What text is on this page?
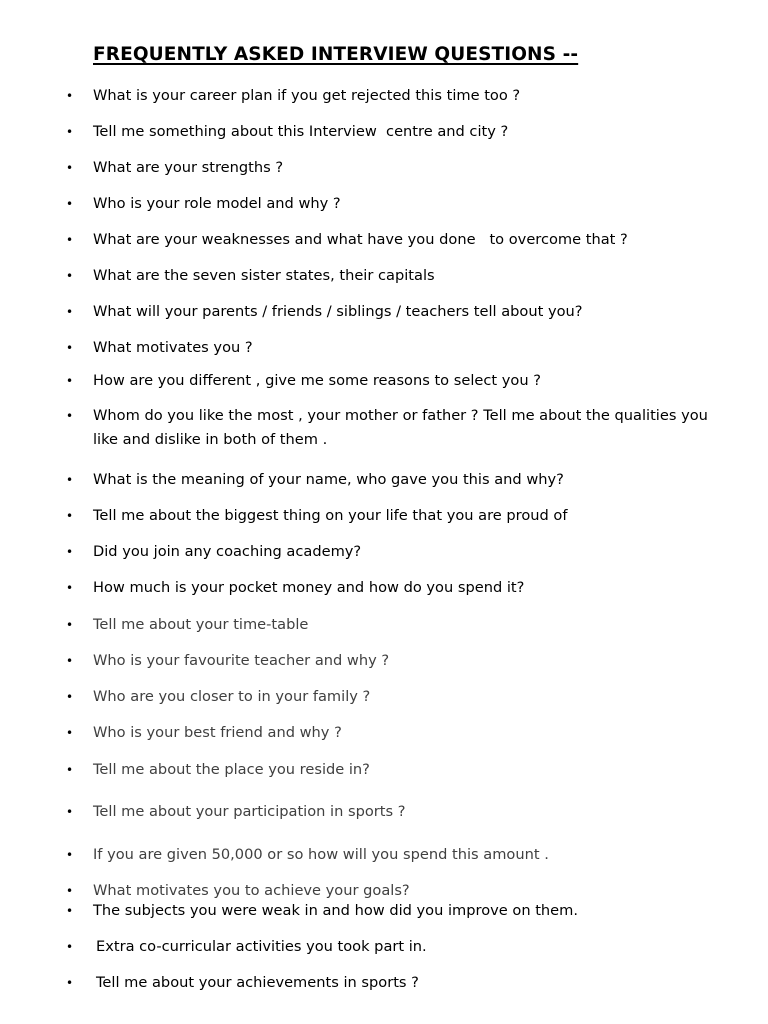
FREQUENTLY ASKED INTERVIEW QUESTIONS --
• What is your career plan if you get rejected this time too ?
• Tell me something about this Interview  centre and city ?
• What are your strengths ?
• Who is your role model and why ?
• What are your weaknesses and what have you done   to overcome that ?
• What are the seven sister states, their capitals
• What will your parents / friends / siblings / teachers tell about you?
• What motivates you ?
• How are you different , give me some reasons to select you ?
• Whom do you like the most , your mother or father ? Tell me about the qualities you like and dislike in both of them .
• What is the meaning of your name, who gave you this and why?
• Tell me about the biggest thing on your life that you are proud of
• Did you join any coaching academy?
• How much is your pocket money and how do you spend it?
• Tell me about your time-table
• Who is your favourite teacher and why ?
• Who are you closer to in your family ?
• Who is your best friend and why ?
• Tell me about the place you reside in?
• Tell me about your participation in sports ?
• If you are given 50,000 or so how will you spend this amount .
• What motivates you to achieve your goals?
• The subjects you were weak in and how did you improve on them.
• Extra co-curricular activities you took part in.
• Tell me about your achievements in sports ?
